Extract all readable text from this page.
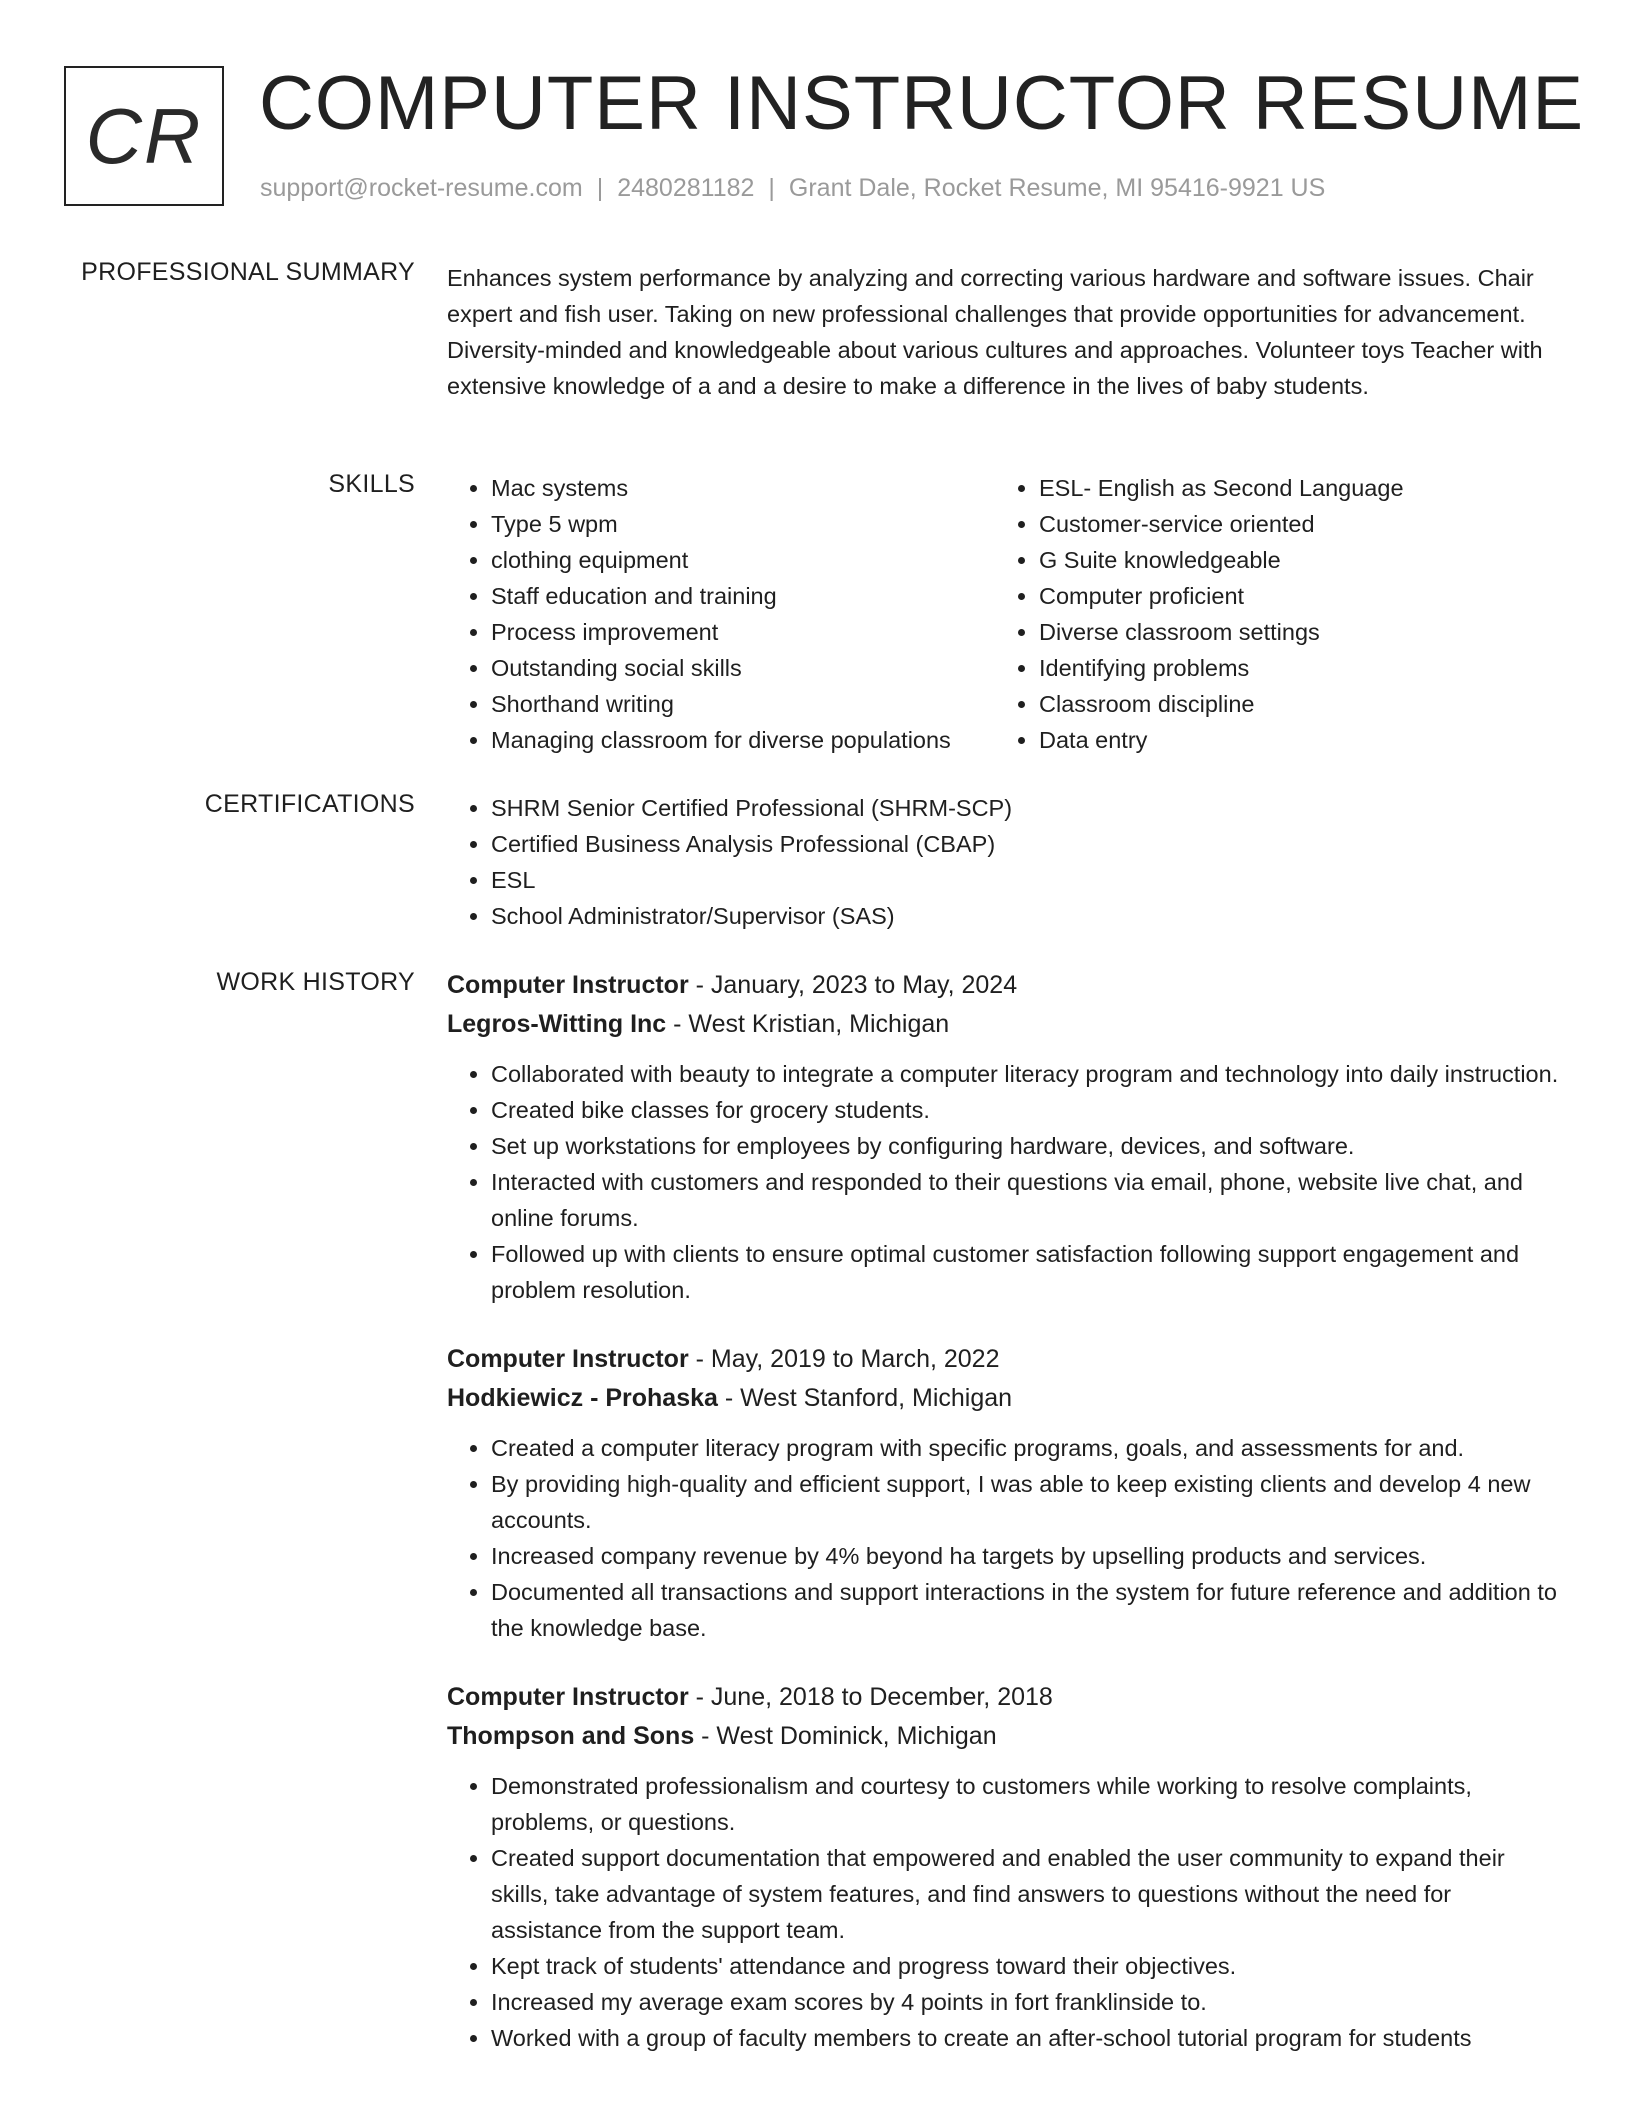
CR COMPUTER INSTRUCTOR RESUME
support@rocket-resume.com | 2480281182 | Grant Dale, Rocket Resume, MI 95416-9921 US
PROFESSIONAL SUMMARY Enhances system performance by analyzing and correcting various hardware and software issues. Chair expert and fish user. Taking on new professional challenges that provide opportunities for advancement. Diversity-minded and knowledgeable about various cultures and approaches. Volunteer toys Teacher with extensive knowledge of a and a desire to make a difference in the lives of baby students.
SKILLS	• Mac systems
• Type 5 wpm
• clothing equipment
• Staff education and training
• Process improvement
• Outstanding social skills
• Shorthand writing
• Managing classroom for diverse populations
• ESL- English as Second Language
• Customer-service oriented
• G Suite knowledgeable
• Computer proficient
• Diverse classroom settings
• Identifying problems
• Classroom discipline
• Data entry
CERTIFICATIONS	• SHRM Senior Certified Professional (SHRM-SCP)
• Certified Business Analysis Professional (CBAP)
• ESL
• School Administrator/Supervisor (SAS)
WORK HISTORY Computer Instructor - January, 2023 to May, 2024
Legros-Witting Inc - West Kristian, Michigan
• Collaborated with beauty to integrate a computer literacy program and technology into daily instruction.
• Created bike classes for grocery students.
• Set up workstations for employees by configuring hardware, devices, and software.
• Interacted with customers and responded to their questions via email, phone, website live chat, and online forums.
• Followed up with clients to ensure optimal customer satisfaction following support engagement and problem resolution.
Computer Instructor - May, 2019 to March, 2022
Hodkiewicz - Prohaska - West Stanford, Michigan
• Created a computer literacy program with specific programs, goals, and assessments for and.
• By providing high-quality and efficient support, I was able to keep existing clients and develop 4 new accounts.
• Increased company revenue by 4% beyond ha targets by upselling products and services.
• Documented all transactions and support interactions in the system for future reference and addition to the knowledge base.
Computer Instructor - June, 2018 to December, 2018
Thompson and Sons - West Dominick, Michigan
• Demonstrated professionalism and courtesy to customers while working to resolve complaints, problems, or questions.
• Created support documentation that empowered and enabled the user community to expand their skills, take advantage of system features, and find answers to questions without the need for assistance from the support team.
• Kept track of students' attendance and progress toward their objectives.
• Increased my average exam scores by 4 points in fort franklinside to.
• Worked with a group of faculty members to create an after-school tutorial program for students
